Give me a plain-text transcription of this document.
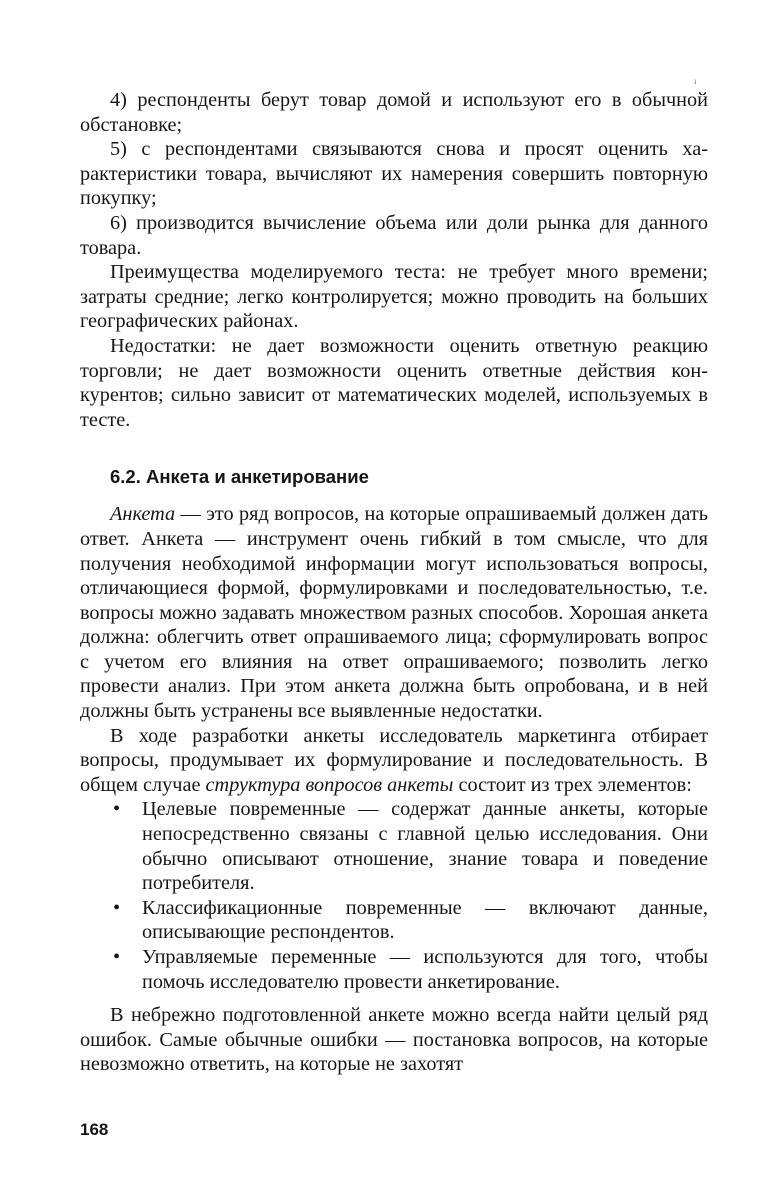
ı

4) респонденты берут товар домой и используют его в обычной обстановке;

5) с респондентами связываются снова и просят оценить характеристики товара, вычисляют их намерения совершить повторную покупку;

6) производится вычисление объема или доли рынка для данного товара.

Преимущества моделируемого теста: не требует много времени; затраты средние; легко контролируется; можно проводить на больших географических районах.

Недостатки: не дает возможности оценить ответную реакцию торговли; не дает возможности оценить ответные действия конкурентов; сильно зависит от математических моделей, используемых в тесте.

6.2. Анкета и анкетирование

Анкета — это ряд вопросов, на которые опрашиваемый должен дать ответ. Анкета — инструмент очень гибкий в том смысле, что для получения необходимой информации могут использоваться вопросы, отличающиеся формой, формулировками и последовательностью, т.е. вопросы можно задавать множеством разных способов. Хорошая анкета должна: облегчить ответ опрашиваемого лица; сформулировать вопрос с учетом его влияния на ответ опрашиваемого; позволить легко провести анализ. При этом анкета должна быть опробована, и в ней должны быть устранены все выявленные недостатки.

В ходе разработки анкеты исследователь маркетинга отбирает вопросы, продумывает их формулирование и последовательность. В общем случае структура вопросов анкеты состоит из трех элементов:

• Целевые повременные — содержат данные анкеты, которые непосредственно связаны с главной целью исследования. Они обычно описывают отношение, знание товара и поведение потребителя.
• Классификационные повременные — включают данные, описывающие респондентов.
• Управляемые переменные — используются для того, чтобы помочь исследователю провести анкетирование.

В небрежно подготовленной анкете можно всегда найти целый ряд ошибок. Самые обычные ошибки — постановка вопросов, на которые невозможно ответить, на которые не захотят

168
